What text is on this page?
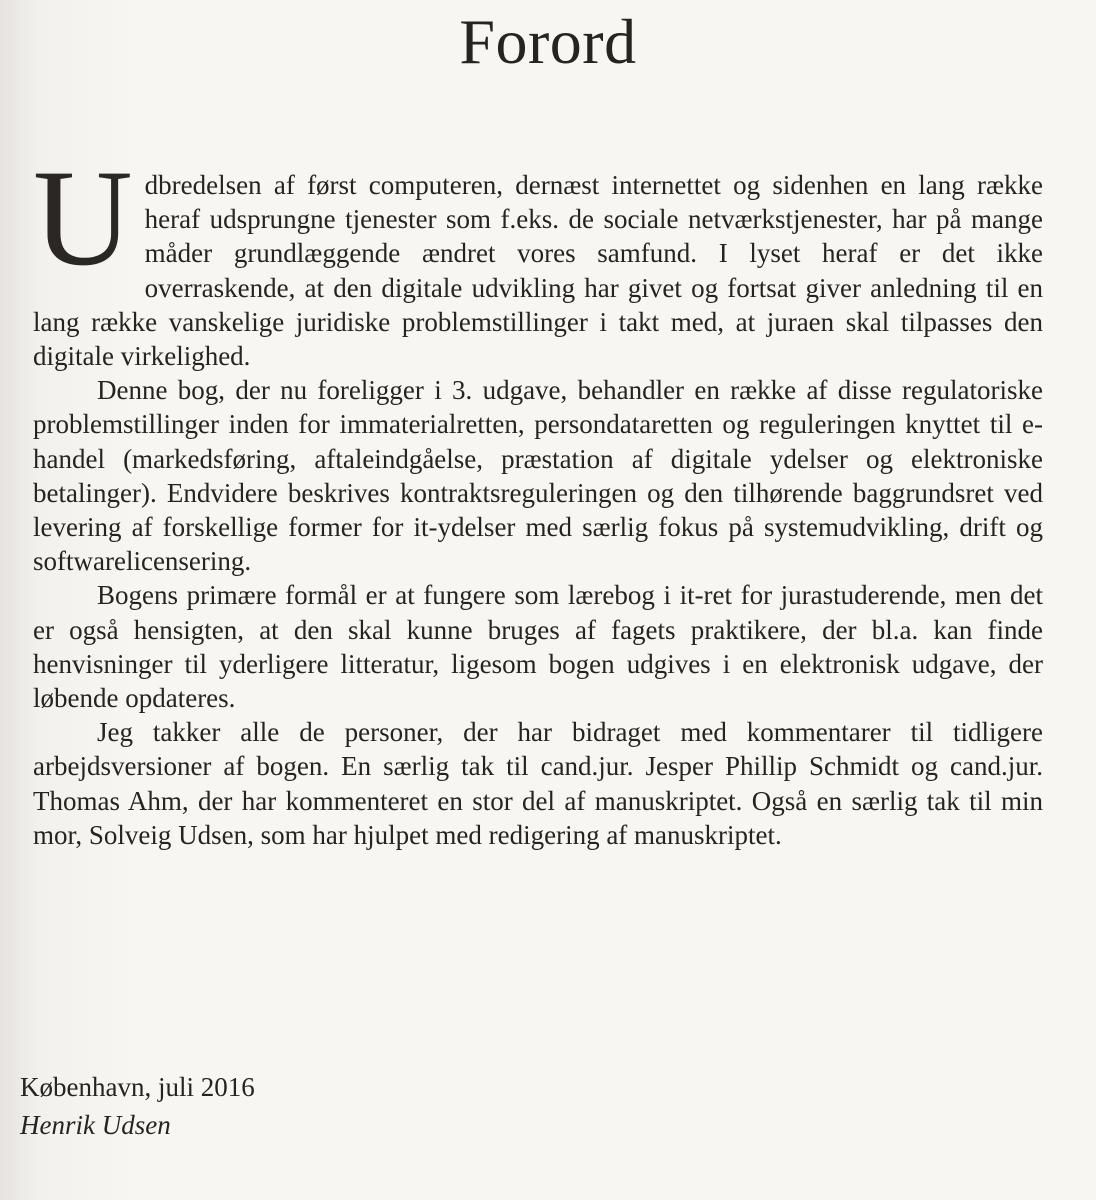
Forord

Udbredelsen af først computeren, dernæst internettet og sidenhen en lang række heraf udsprungne tjenester som f.eks. de sociale netværkstjenester, har på mange måder grundlæggende ændret vores samfund. I lyset heraf er det ikke overraskende, at den digitale udvikling har givet og fortsat giver anledning til en lang række vanskelige juridiske problemstillinger i takt med, at juraen skal tilpasses den digitale virkelighed.

Denne bog, der nu foreligger i 3. udgave, behandler en række af disse regulatoriske problemstillinger inden for immaterialretten, persondataretten og reguleringen knyttet til e-handel (markedsføring, aftaleindgåelse, præstation af digitale ydelser og elektroniske betalinger). Endvidere beskrives kontraktsreguleringen og den tilhørende baggrundsret ved levering af forskellige former for it-ydelser med særlig fokus på systemudvikling, drift og softwarelicensering.

Bogens primære formål er at fungere som lærebog i it-ret for jurastuderende, men det er også hensigten, at den skal kunne bruges af fagets praktikere, der bl.a. kan finde henvisninger til yderligere litteratur, ligesom bogen udgives i en elektronisk udgave, der løbende opdateres.

Jeg takker alle de personer, der har bidraget med kommentarer til tidligere arbejdsversioner af bogen. En særlig tak til cand.jur. Jesper Phillip Schmidt og cand.jur. Thomas Ahm, der har kommenteret en stor del af manuskriptet. Også en særlig tak til min mor, Solveig Udsen, som har hjulpet med redigering af manuskriptet.

København, juli 2016
Henrik Udsen
